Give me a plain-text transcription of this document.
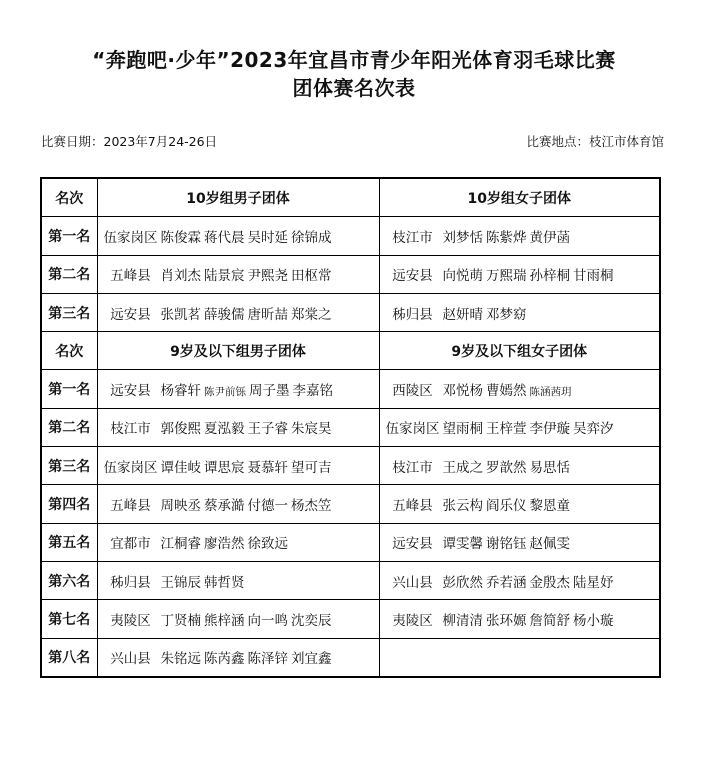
“奔跑吧·少年”2023年宜昌市青少年阳光体育羽毛球比赛
团体赛名次表
比赛日期：2023年7月24-26日	比赛地点：枝江市体育馆
名次	10岁组男子团体	10岁组女子团体
第一名	伍家岗区 陈俊霖 蒋代晨 吴时延 徐锦成	枝江市 刘梦恬 陈紫烨 黄伊菡
第二名	五峰县 肖刘杰 陆景宸 尹熙尧 田枢常	远安县 向悦萌 万熙瑞 孙梓桐 甘雨桐
第三名	远安县 张凯茗 薛骏儒 唐昕喆 郑棠之	秭归县 赵妍晴 邓梦窈
名次	9岁及以下组男子团体	9岁及以下组女子团体
第一名	远安县 杨睿轩 陈尹前铄 周子墨 李嘉铭	西陵区 邓悦杨 曹嫣然 陈涵茜玥
第二名	枝江市 郭俊熙 夏泓毅 王子睿 朱宸昊	伍家岗区 望雨桐 王梓萱 李伊璇 吴弈汐
第三名	伍家岗区 谭佳岐 谭思宸 聂慕轩 望可吉	枝江市 王成之 罗歆然 易思恬
第四名	五峰县 周映丞 蔡承澔 付德一 杨杰笠	五峰县 张云构 阎乐仪 黎恩童
第五名	宜都市 江桐睿 廖浩然 徐致远	远安县 谭雯馨 谢铭钰 赵佩雯
第六名	秭归县 王锦辰 韩哲贤	兴山县 彭欣然 乔若涵 金殷杰 陆星妤
第七名	夷陵区 丁贤楠 熊梓涵 向一鸣 沈奕辰	夷陵区 柳清清 张环嫄 詹简舒 杨小璇
第八名	兴山县 朱铭远 陈芮鑫 陈泽锌 刘宜鑫	
